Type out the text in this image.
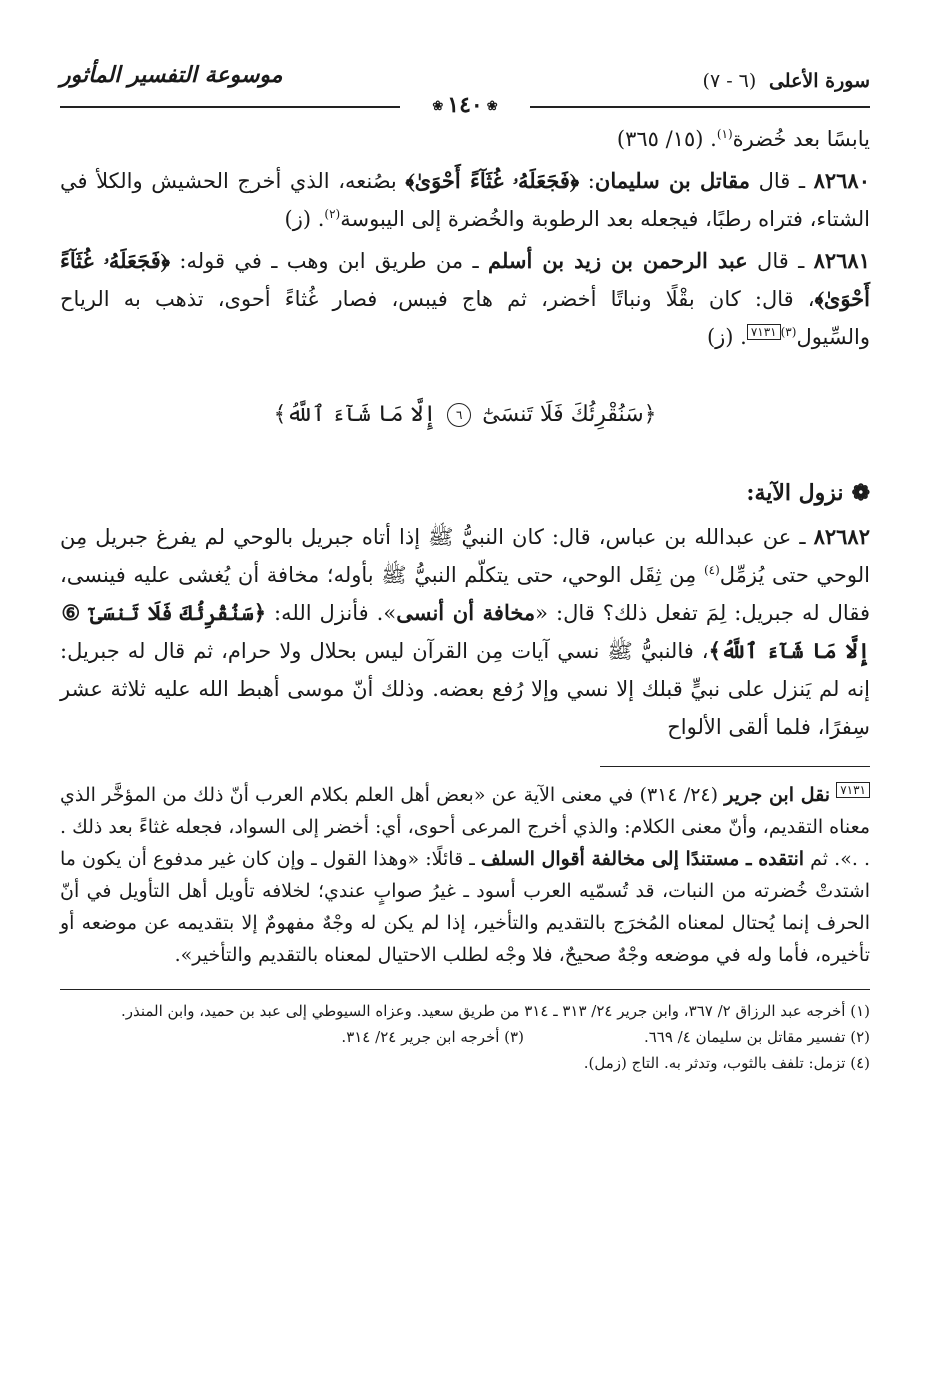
سورة الأعلى (٦ - ٧)
موسوعة التفسير المأثور
❀١٤٠❀

يابسًا بعد خُضرة$^{(١)}$. (١٥/ ٣٦٥)

٨٢٦٨٠ ـ قال مقاتل بن سليمان: ﴿فَجَعَلَهُۥ غُثَآءً أَحْوَىٰ﴾ بصُنعه، الذي أخرج الحشيش والكلأ في الشتاء، فتراه رطبًا، فيجعله بعد الرطوبة والخُضرة إلى اليبوسة$^{(٢)}$. (ز)

٨٢٦٨١ ـ قال عبد الرحمن بن زيد بن أسلم ـ من طريق ابن وهب ـ في قوله: ﴿فَجَعَلَهُۥ غُثَآءً أَحْوَىٰ﴾، قال: كان بقْلًا ونباتًا أخضر، ثم هاج فيبس، فصار غُثاءً أحوى، تذهب به الرياح والسِّيول$^{(٣)٧١٣١}$. (ز)

﴿سَنُقْرِئُكَ فَلَا تَنسَىٰٓ ٦ إِلَّا مَا شَآءَ ٱللَّهُ﴾
❁نزول الآية:

٨٢٦٨٢ ـ عن عبدالله بن عباس، قال: كان النبيُّ ﷺ إذا أتاه جبريل بالوحي لم يفرغ جبريل مِن الوحي حتى يُزمِّل$^{(٤)}$ مِن ثِقَل الوحي، حتى يتكلّم النبيُّ ﷺ بأوله؛ مخافة أن يُغشى عليه فينسى، فقال له جبريل: لِمَ تفعل ذلك؟ قال: «مخافة أن أنسى». فأنزل الله: ﴿سَنُقْرِئُكَ فَلَا تَنسَىٰٓ ⑥ إِلَّا مَا شَآءَ ٱللَّهُ﴾، فالنبيُّ ﷺ نسي آيات مِن القرآن ليس بحلال ولا حرام، ثم قال له جبريل: إنه لم يَنزل على نبيٍّ قبلك إلا نسي وإلا رُفع بعضه. وذلك أنّ موسى أهبط الله عليه ثلاثة عشر سِفرًا، فلما ألقى الألواح

$^{٧١٣١}$ نقل ابن جرير (٢٤/ ٣١٤) في معنى الآية عن «بعض أهل العلم بكلام العرب أنّ ذلك من المؤخَّر الذي معناه التقديم، وأنّ معنى الكلام: والذي أخرج المرعى أحوى، أي: أخضر إلى السواد، فجعله غثاءً بعد ذلك . . .». ثم انتقده ـ مستندًا إلى مخالفة أقوال السلف ـ قائلًا: «وهذا القول ـ وإن كان غير مدفوع أن يكون ما اشتدتْ خُضرته من النبات، قد تُسمّيه العرب أسود ـ غيرُ صوابٍ عندي؛ لخلافه تأويل أهل التأويل في أنّ الحرف إنما يُحتال لمعناه المُخرَج بالتقديم والتأخير، إذا لم يكن له وجْهٌ مفهومٌ إلا بتقديمه عن موضعه أو تأخيره، فأما وله في موضعه وجْهٌ صحيحٌ، فلا وجْه لطلب الاحتيال لمعناه بالتقديم والتأخير».

(١) أخرجه عبد الرزاق ٢/ ٣٦٧، وابن جرير ٢٤/ ٣١٣ ـ ٣١٤ من طريق سعيد. وعزاه السيوطي إلى عبد بن حميد، وابن المنذر.

(٢) تفسير مقاتل بن سليمان ٤/ ٦٦٩.
(٣) أخرجه ابن جرير ٢٤/ ٣١٤.

(٤) تزمل: تلفف بالثوب، وتدثر به. التاج (زمل).
